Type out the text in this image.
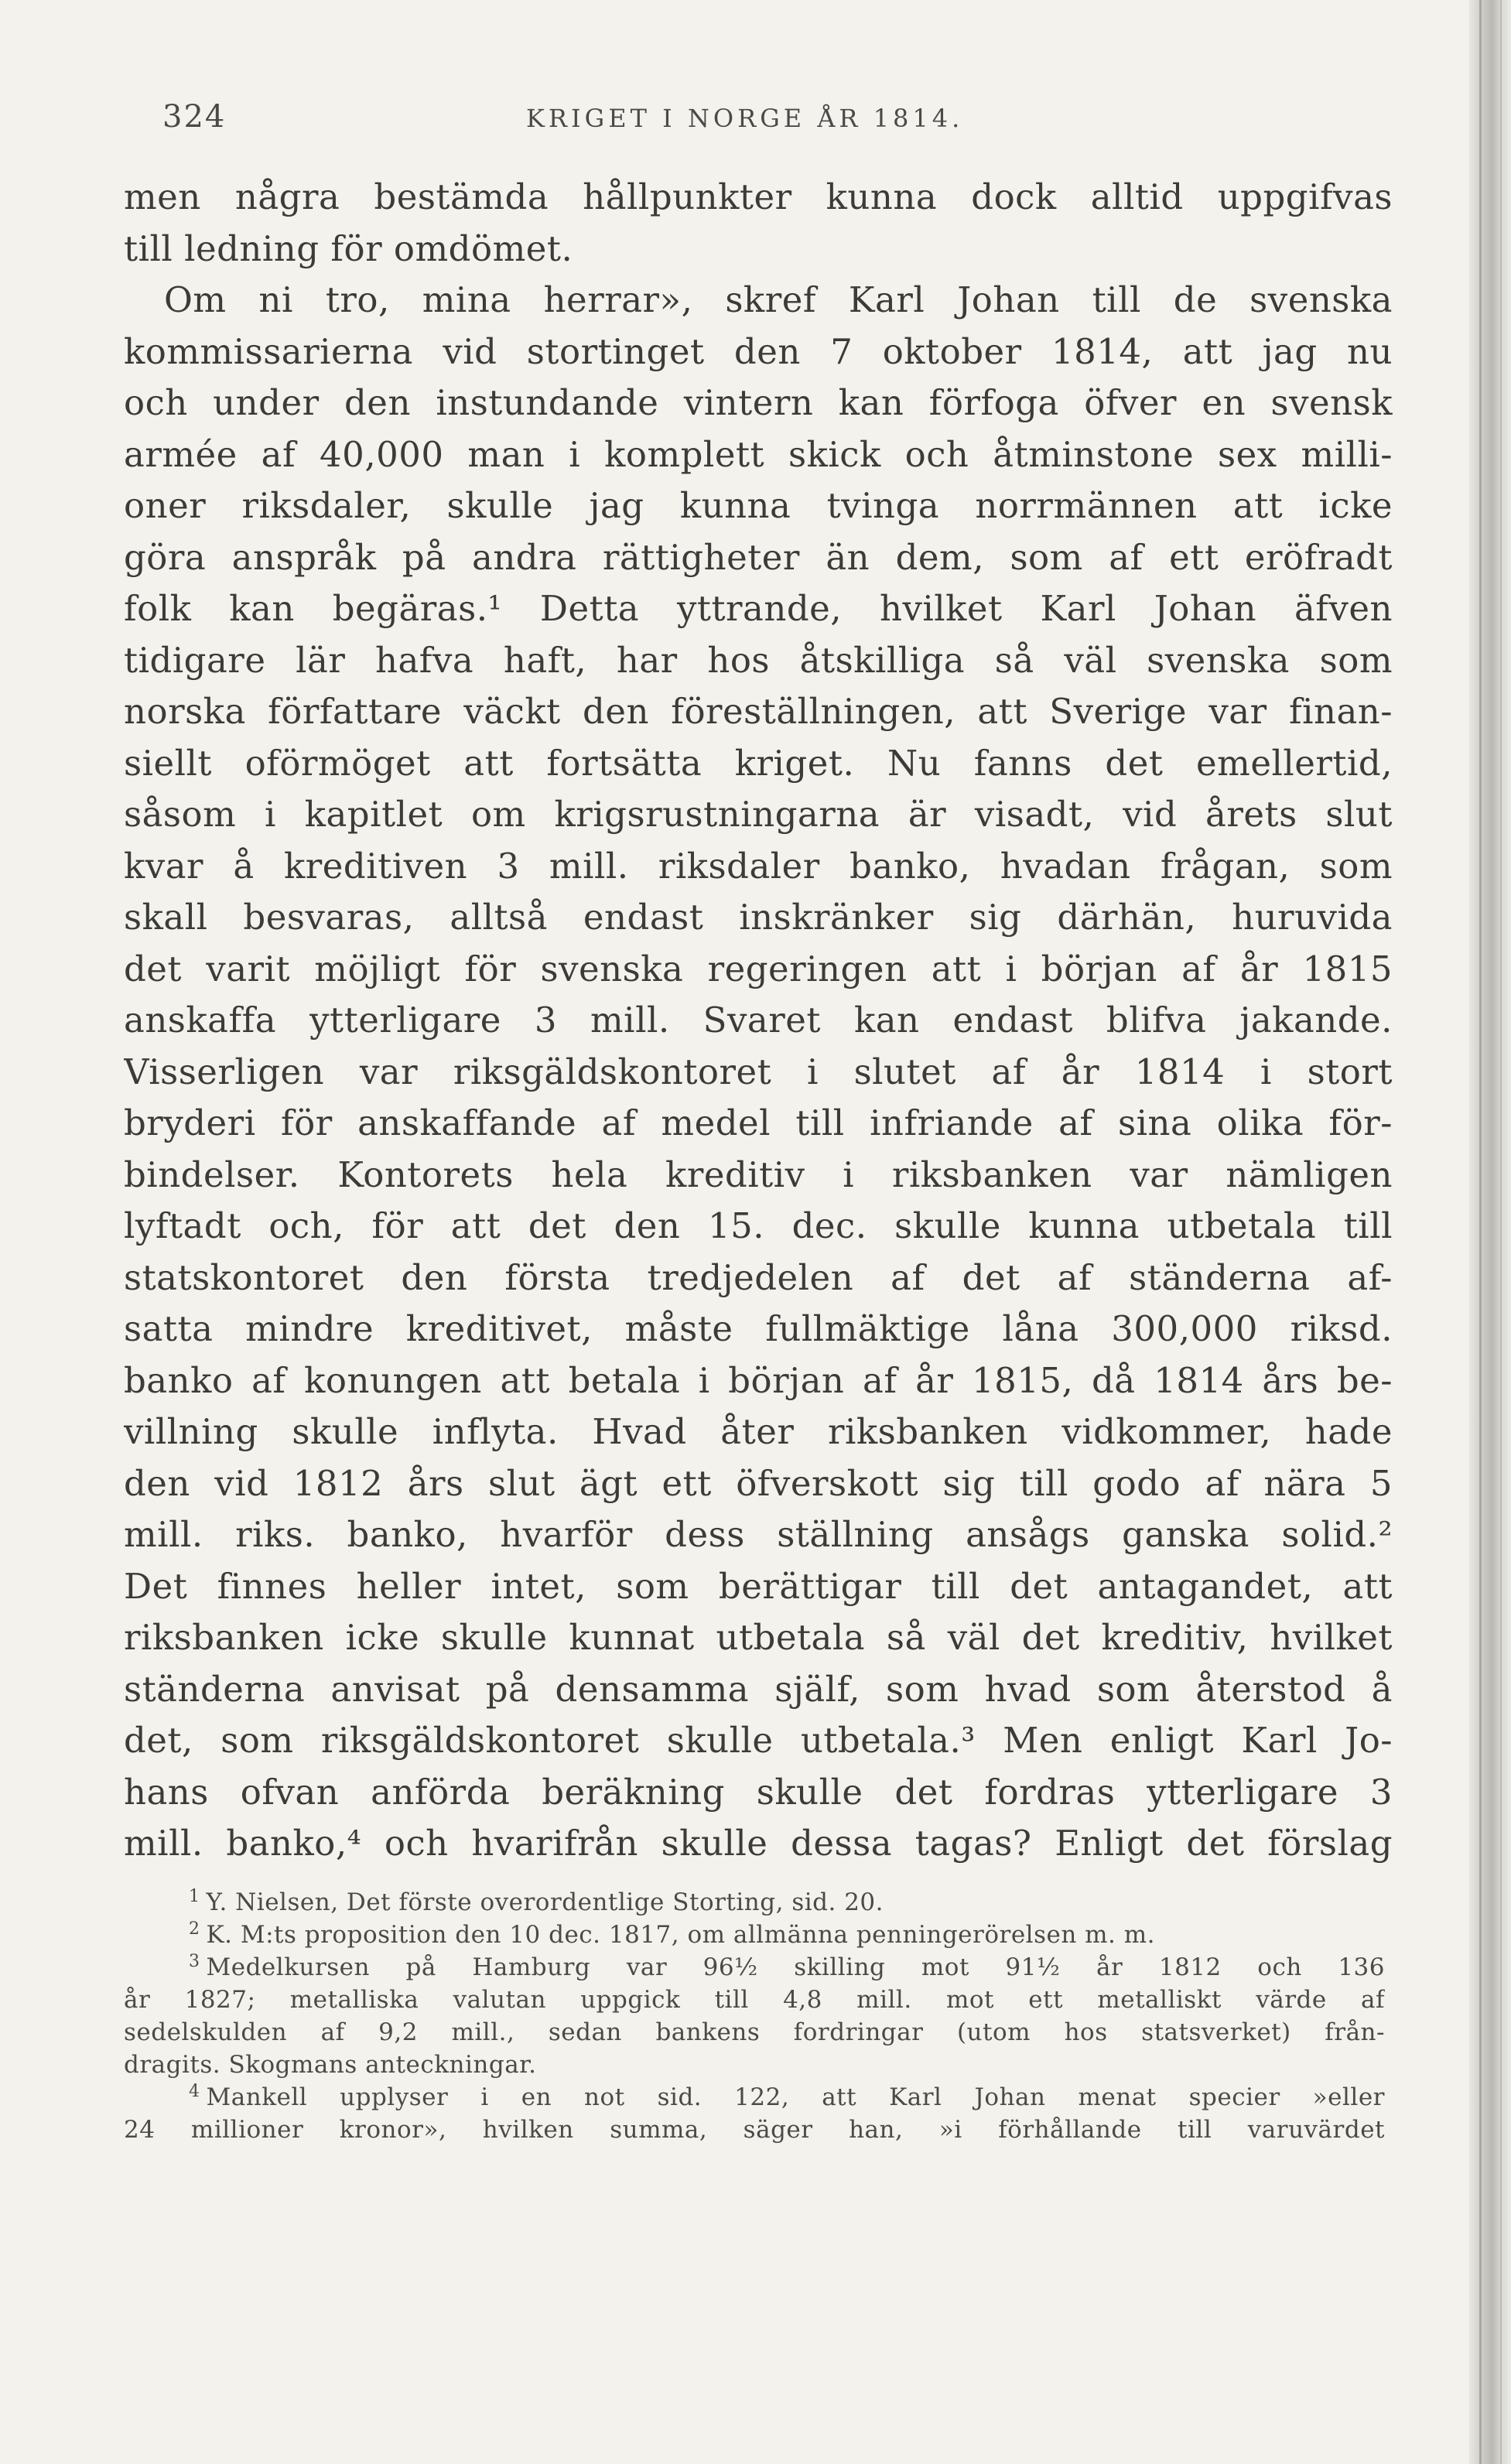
324	KRIGET I NORGE ÅR 1814.
men några bestämda hållpunkter kunna dock alltid uppgifvas
till ledning för omdömet.
Om ni tro, mina herrar», skref Karl Johan till de svenska
kommissarierna vid stortinget den 7 oktober 1814, att jag nu
och under den instundande vintern kan förfoga öfver en svensk
armée af 40,000 man i komplett skick och åtminstone sex milli-
oner riksdaler, skulle jag kunna tvinga norrmännen att icke
göra anspråk på andra rättigheter än dem, som af ett eröfradt
folk kan begäras.¹ Detta yttrande, hvilket Karl Johan äfven
tidigare lär hafva haft, har hos åtskilliga så väl svenska som
norska författare väckt den föreställningen, att Sverige var finan-
siellt oförmöget att fortsätta kriget. Nu fanns det emellertid,
såsom i kapitlet om krigsrustningarna är visadt, vid årets slut
kvar å kreditiven 3 mill. riksdaler banko, hvadan frågan, som
skall besvaras, alltså endast inskränker sig därhän, huruvida
det varit möjligt för svenska regeringen att i början af år 1815
anskaffa ytterligare 3 mill. Svaret kan endast blifva jakande.
Visserligen var riksgäldskontoret i slutet af år 1814 i stort
bryderi för anskaffande af medel till infriande af sina olika för-
bindelser. Kontorets hela kreditiv i riksbanken var nämligen
lyftadt och, för att det den 15. dec. skulle kunna utbetala till
statskontoret den första tredjedelen af det af ständerna af-
satta mindre kreditivet, måste fullmäktige låna 300,000 riksd.
banko af konungen att betala i början af år 1815, då 1814 års be-
villning skulle inflyta. Hvad åter riksbanken vidkommer, hade
den vid 1812 års slut ägt ett öfverskott sig till godo af nära 5
mill. riks. banko, hvarför dess ställning ansågs ganska solid.²
Det finnes heller intet, som berättigar till det antagandet, att
riksbanken icke skulle kunnat utbetala så väl det kreditiv, hvilket
ständerna anvisat på densamma själf, som hvad som återstod å
det, som riksgäldskontoret skulle utbetala.³ Men enligt Karl Jo-
hans ofvan anförda beräkning skulle det fordras ytterligare 3
mill. banko,⁴ och hvarifrån skulle dessa tagas? Enligt det förslag
$^1$ Y. Nielsen, Det förste overordentlige Storting, sid. 20.
$^2$ K. M:ts proposition den 10 dec. 1817, om allmänna penningerörelsen m. m.
$^3$ Medelkursen på Hamburg var 96½ skilling mot 91½ år 1812 och 136
år 1827; metalliska valutan uppgick till 4,8 mill. mot ett metalliskt värde af
sedelskulden af 9,2 mill., sedan bankens fordringar (utom hos statsverket) från-
dragits. Skogmans anteckningar.
$^4$ Mankell upplyser i en not sid. 122, att Karl Johan menat specier »eller
24 millioner kronor», hvilken summa, säger han, »i förhållande till varuvärdet
